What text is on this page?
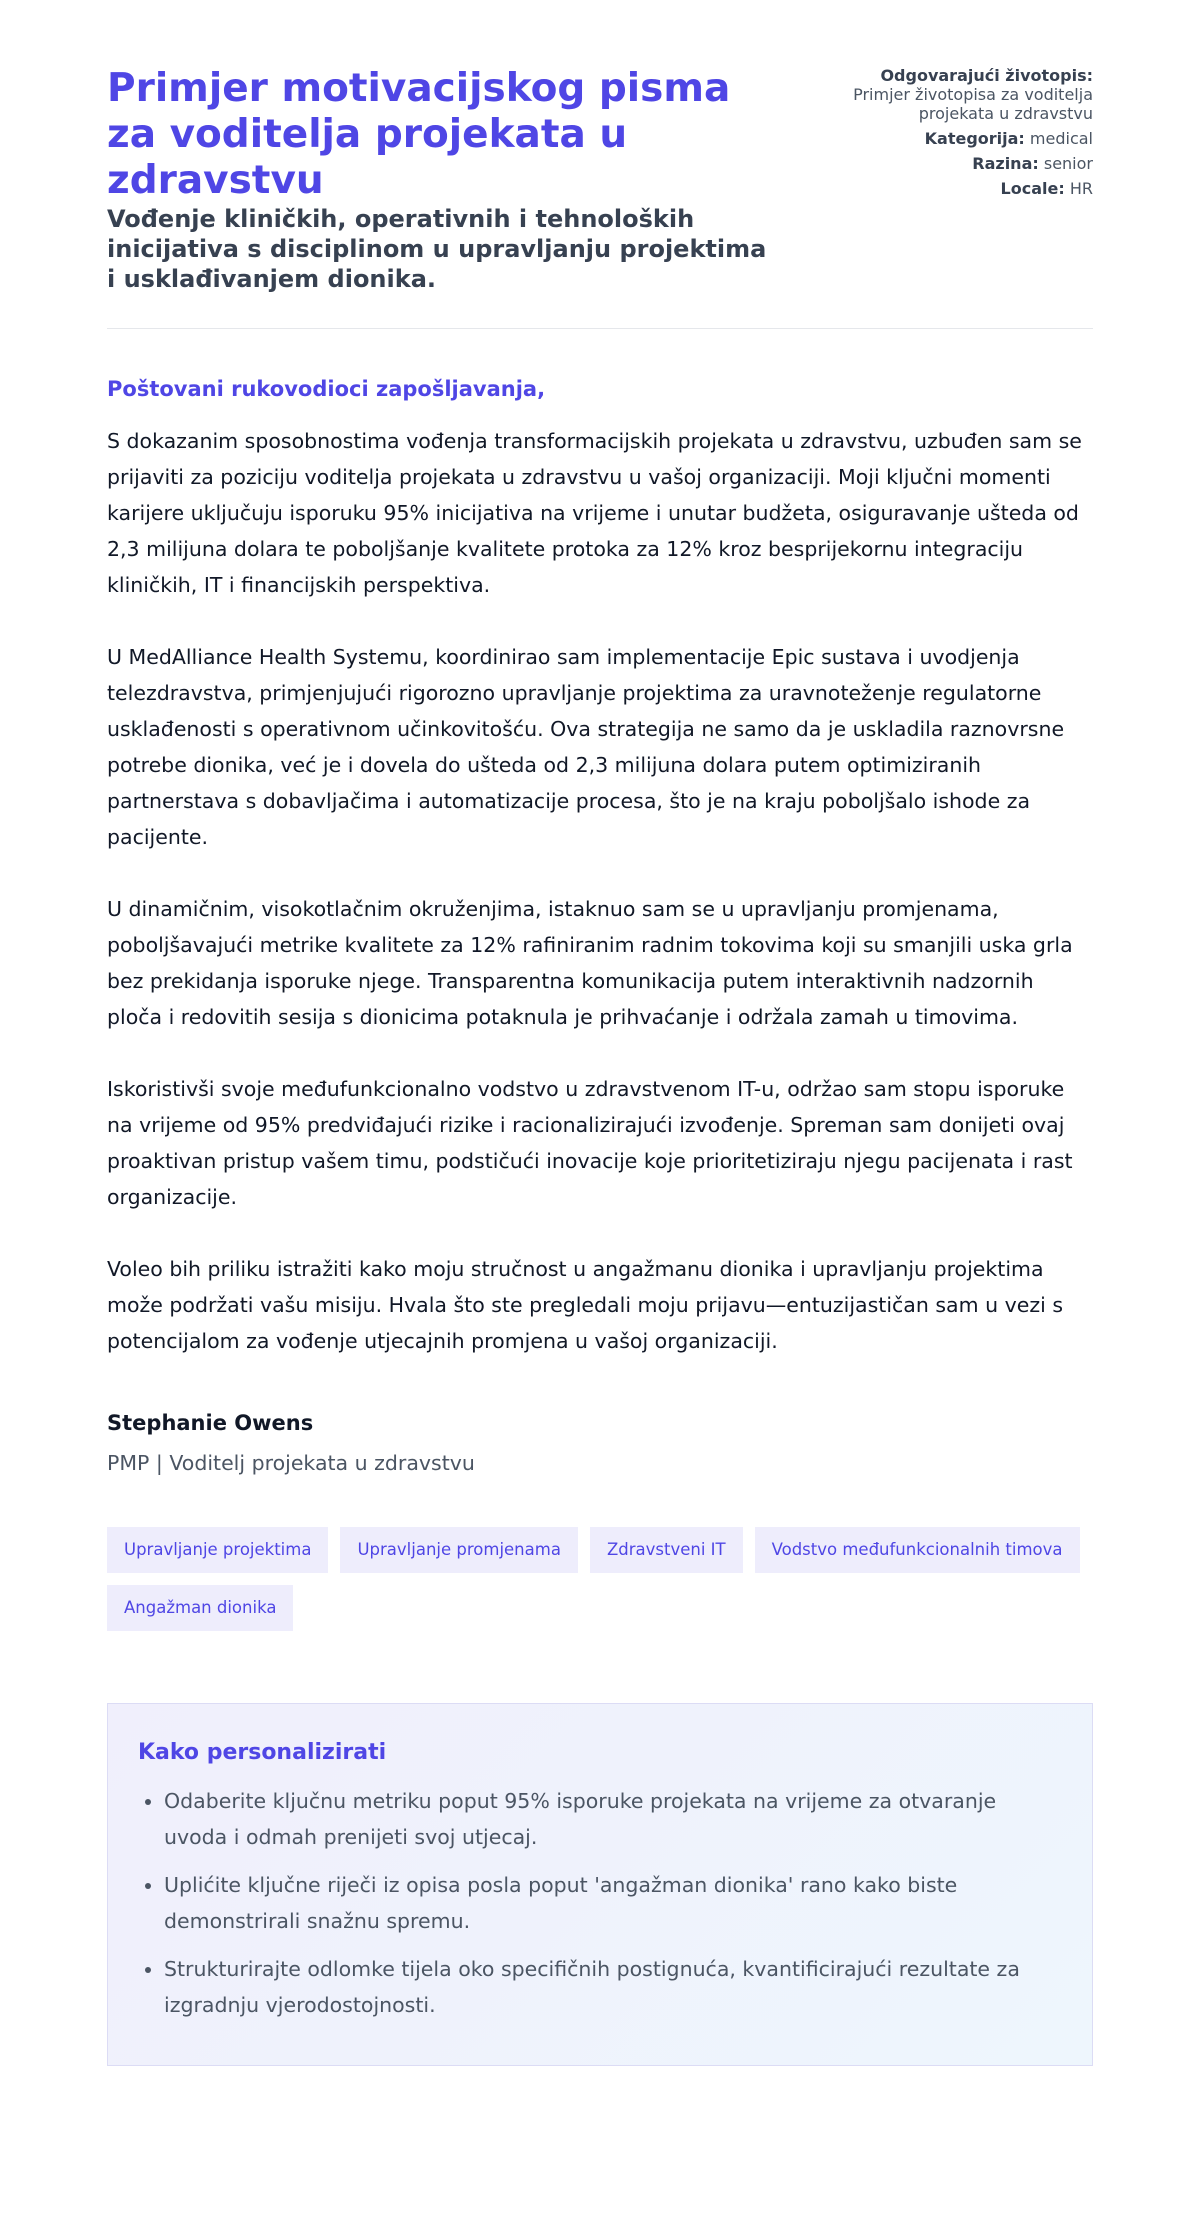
Primjer motivacijskog pisma za voditelja projekata u zdravstvu
Vođenje kliničkih, operativnih i tehnoloških inicijativa s disciplinom u upravljanju projektima i usklađivanjem dionika.
Odgovarajući životopis:
Primjer životopisa za voditelja projekata u zdravstvu
Kategorija: medical
Razina: senior
Locale: HR
Poštovani rukovodioci zapošljavanja,

S dokazanim sposobnostima vođenja transformacijskih projekata u zdravstvu, uzbuđen sam se prijaviti za poziciju voditelja projekata u zdravstvu u vašoj organizaciji. Moji ključni momenti karijere uključuju isporuku 95% inicijativa na vrijeme i unutar budžeta, osiguravanje ušteda od 2,3 milijuna dolara te poboljšanje kvalitete protoka za 12% kroz besprijekornu integraciju kliničkih, IT i financijskih perspektiva.

U MedAlliance Health Systemu, koordinirao sam implementacije Epic sustava i uvodjenja telezdravstva, primjenjujući rigorozno upravljanje projektima za uravnoteženje regulatorne usklađenosti s operativnom učinkovitošću. Ova strategija ne samo da je uskladila raznovrsne potrebe dionika, već je i dovela do ušteda od 2,3 milijuna dolara putem optimiziranih partnerstava s dobavljačima i automatizacije procesa, što je na kraju poboljšalo ishode za pacijente.

U dinamičnim, visokotlačnim okruženjima, istaknuo sam se u upravljanju promjenama, poboljšavajući metrike kvalitete za 12% rafiniranim radnim tokovima koji su smanjili uska grla bez prekidanja isporuke njege. Transparentna komunikacija putem interaktivnih nadzornih ploča i redovitih sesija s dionicima potaknula je prihvaćanje i održala zamah u timovima.

Iskoristivši svoje međufunkcionalno vodstvo u zdravstvenom IT-u, održao sam stopu isporuke na vrijeme od 95% predviđajući rizike i racionalizirajući izvođenje. Spreman sam donijeti ovaj proaktivan pristup vašem timu, podstičući inovacije koje prioritetiziraju njegu pacijenata i rast organizacije.

Voleo bih priliku istražiti kako moju stručnost u angažmanu dionika i upravljanju projektima može podržati vašu misiju. Hvala što ste pregledali moju prijavu—entuzijastičan sam u vezi s potencijalom za vođenje utjecajnih promjena u vašoj organizaciji.

Stephanie Owens
PMP | Voditelj projekata u zdravstvu
Upravljanje projektima	Upravljanje promjenama	Zdravstveni IT	Vodstvo međufunkcionalnih timova
Angažman dionika
Kako personalizirati
• Odaberite ključnu metriku poput 95% isporuke projekata na vrijeme za otvaranje uvoda i odmah prenijeti svoj utjecaj.
• Uplićite ključne riječi iz opisa posla poput 'angažman dionika' rano kako biste demonstrirali snažnu spremu.
• Strukturirajte odlomke tijela oko specifičnih postignuća, kvantificirajući rezultate za izgradnju vjerodostojnosti.
